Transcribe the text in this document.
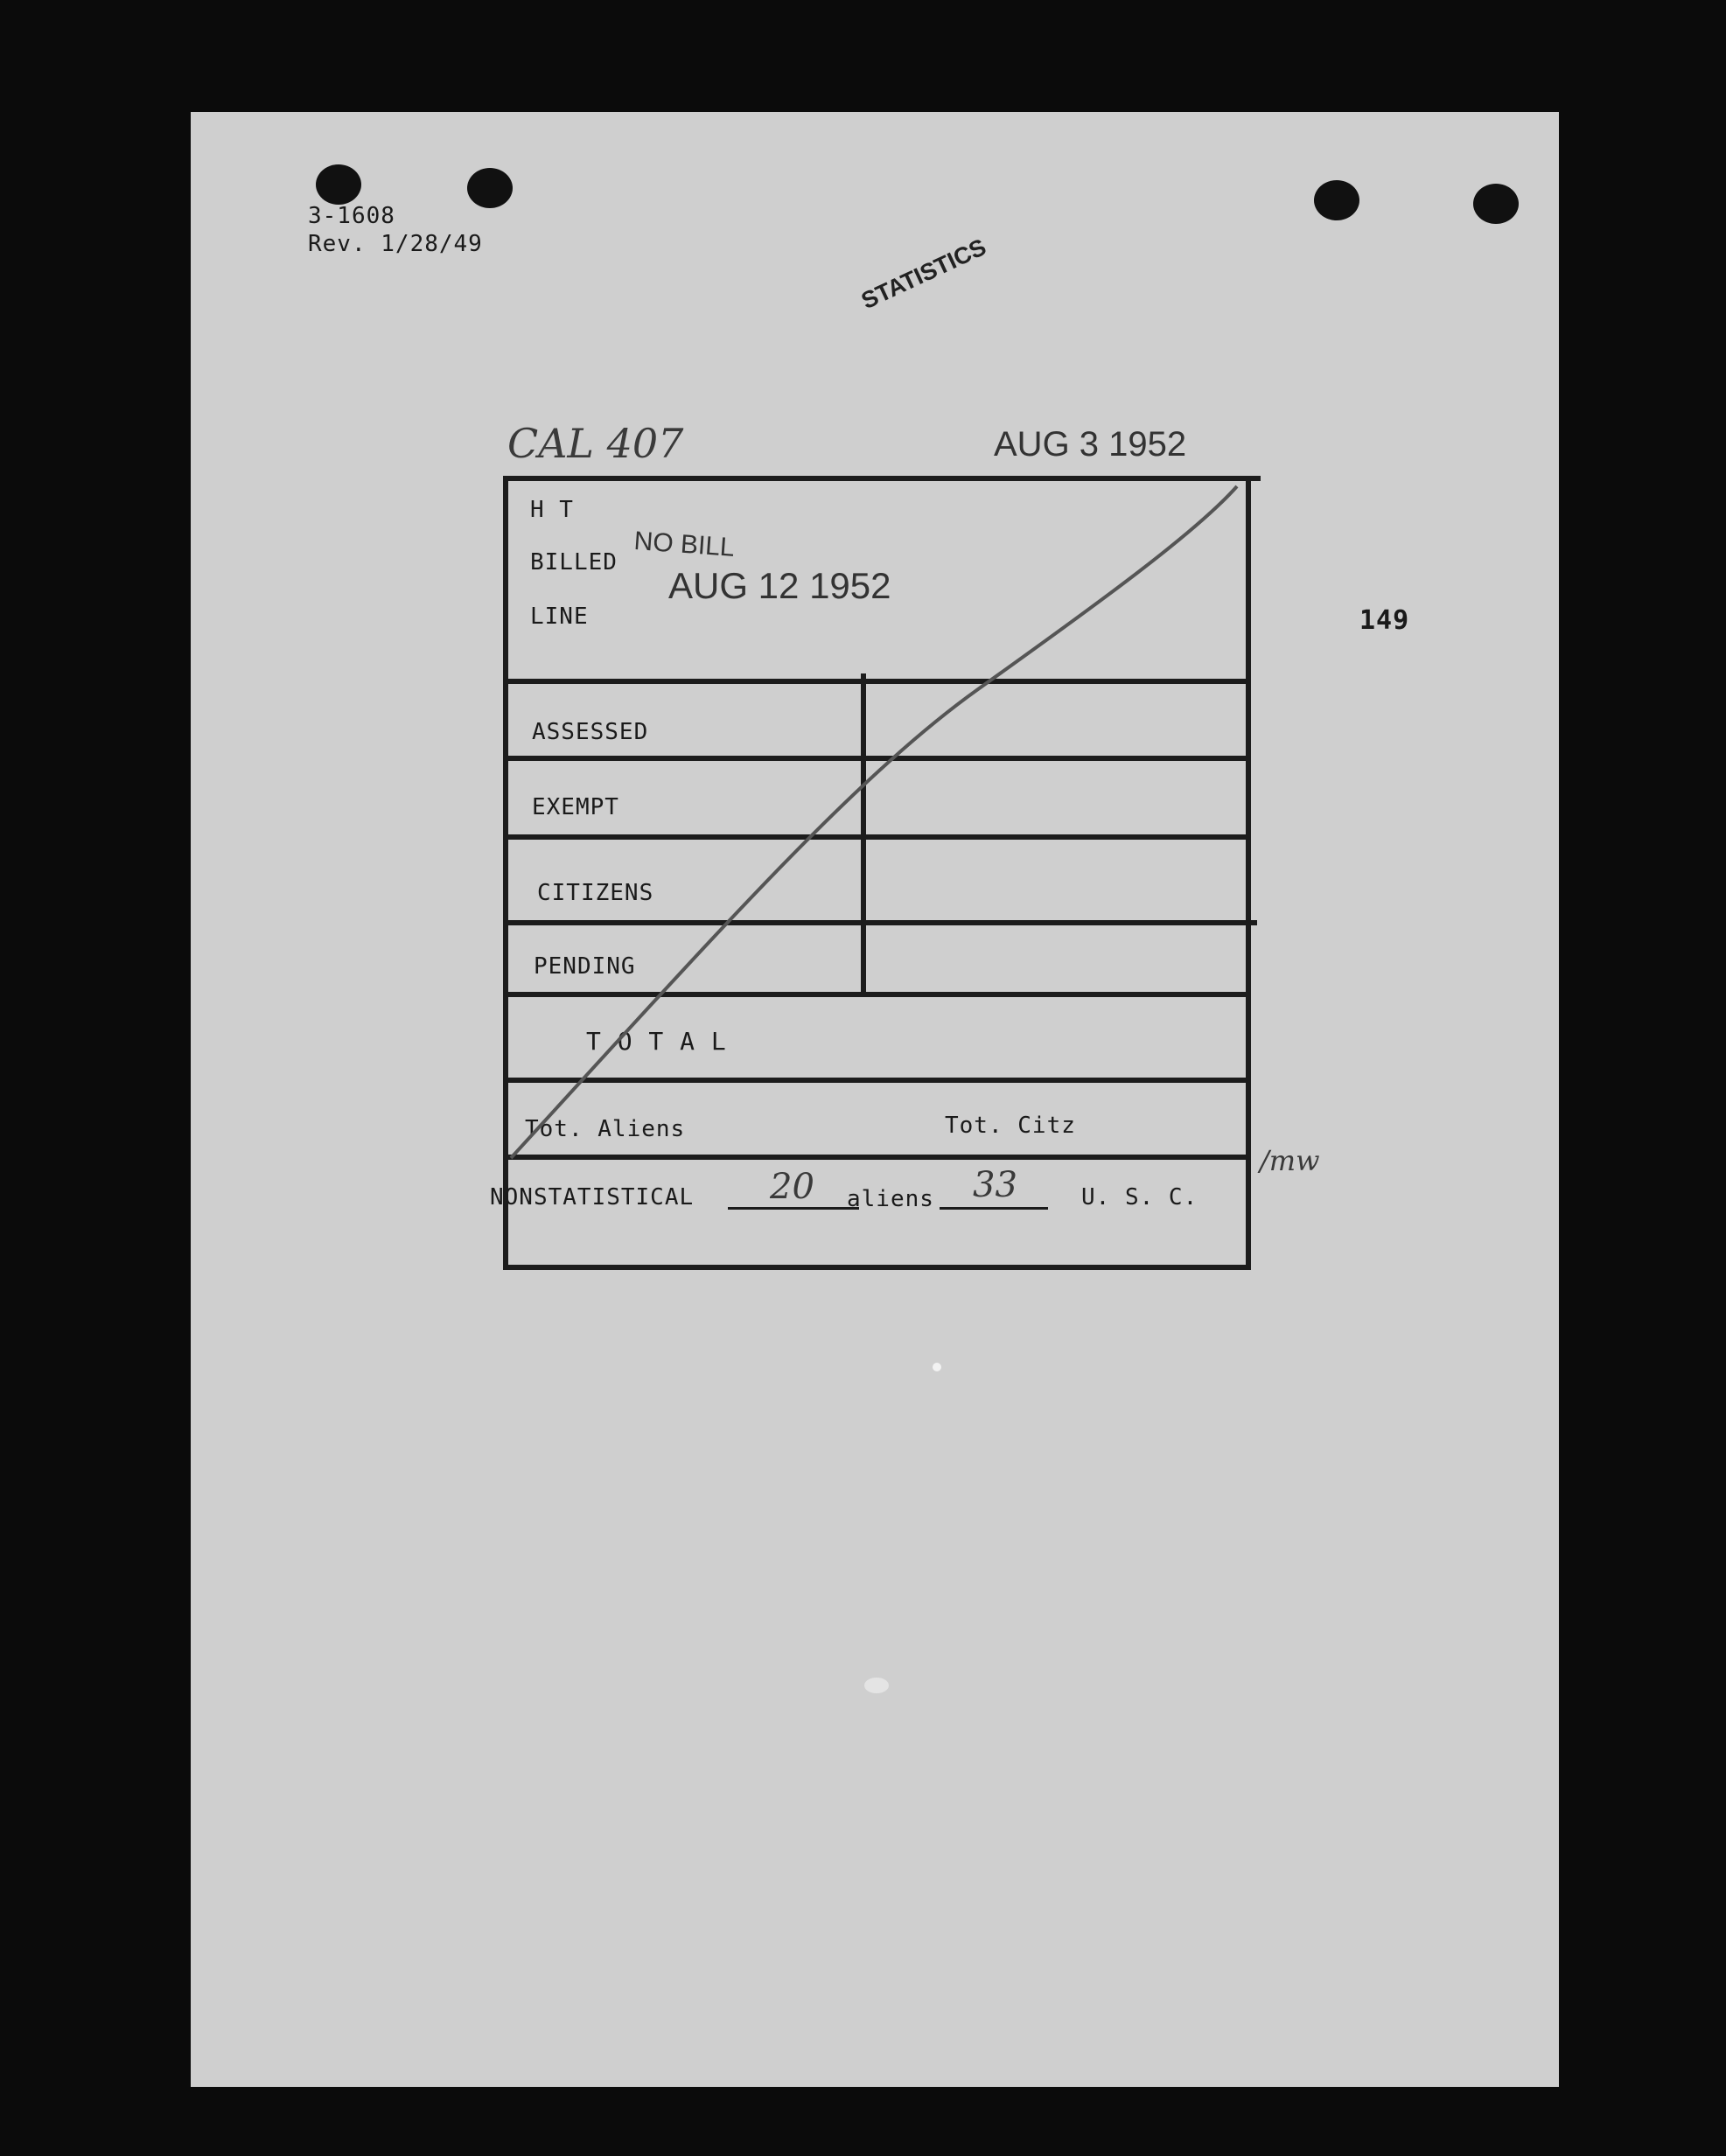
3-1608
Rev. 1/28/49	STATISTICS
CAL 407	AUG 3 1952
149
H T
BILLED
LINE
NO BILL
AUG 12 1952
ASSESSED
EXEMPT
CITIZENS
PENDING
T O T A L
Tot. Aliens	Tot. Citz
/mw
NONSTATISTICAL 20 aliens 33	U. S. C.
